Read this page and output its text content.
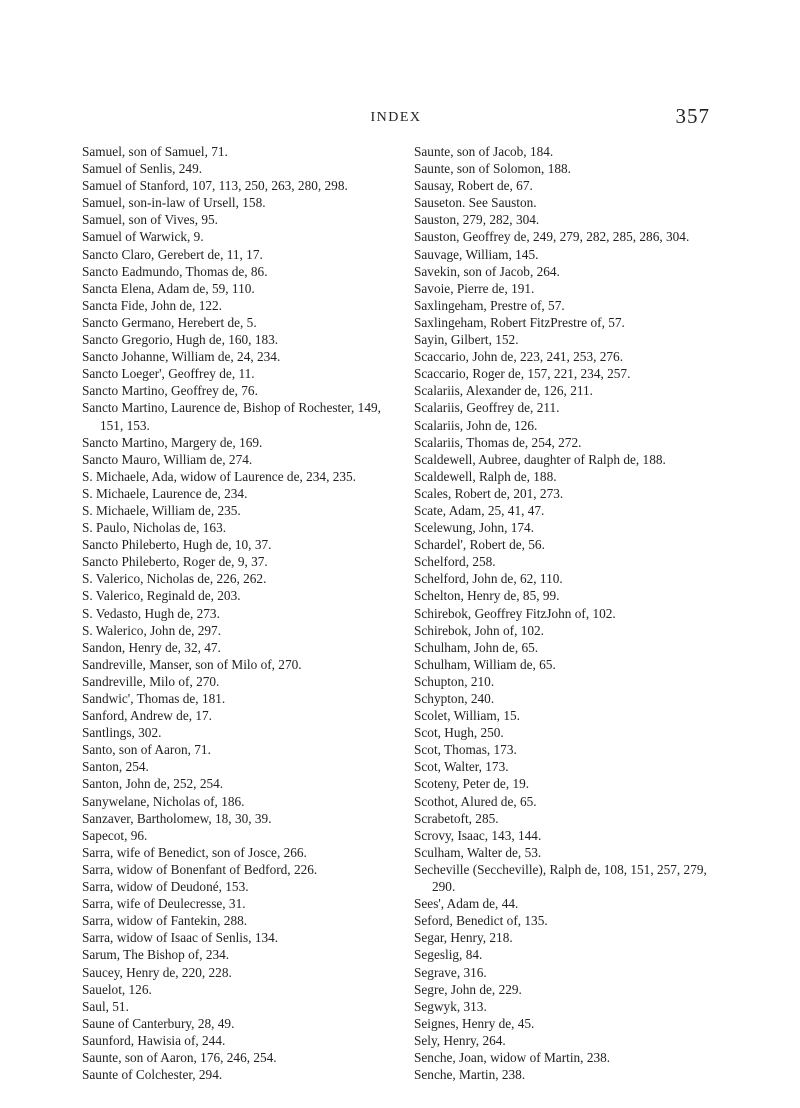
INDEX	357
Samuel, son of Samuel, 71.
Samuel of Senlis, 249.
Samuel of Stanford, 107, 113, 250, 263, 280, 298.
Samuel, son-in-law of Ursell, 158.
Samuel, son of Vives, 95.
Samuel of Warwick, 9.
Sancto Claro, Gerebert de, 11, 17.
Sancto Eadmundo, Thomas de, 86.
Sancta Elena, Adam de, 59, 110.
Sancta Fide, John de, 122.
Sancto Germano, Herebert de, 5.
Sancto Gregorio, Hugh de, 160, 183.
Sancto Johanne, William de, 24, 234.
Sancto Loeger', Geoffrey de, 11.
Sancto Martino, Geoffrey de, 76.
Sancto Martino, Laurence de, Bishop of Rochester, 149, 151, 153.
Sancto Martino, Margery de, 169.
Sancto Mauro, William de, 274.
S. Michaele, Ada, widow of Laurence de, 234, 235.
S. Michaele, Laurence de, 234.
S. Michaele, William de, 235.
S. Paulo, Nicholas de, 163.
Sancto Phileberto, Hugh de, 10, 37.
Sancto Phileberto, Roger de, 9, 37.
S. Valerico, Nicholas de, 226, 262.
S. Valerico, Reginald de, 203.
S. Vedasto, Hugh de, 273.
S. Walerico, John de, 297.
Sandon, Henry de, 32, 47.
Sandreville, Manser, son of Milo of, 270.
Sandreville, Milo of, 270.
Sandwic', Thomas de, 181.
Sanford, Andrew de, 17.
Santlings, 302.
Santo, son of Aaron, 71.
Santon, 254.
Santon, John de, 252, 254.
Sanywelane, Nicholas of, 186.
Sanzaver, Bartholomew, 18, 30, 39.
Sapecot, 96.
Sarra, wife of Benedict, son of Josce, 266.
Sarra, widow of Bonenfant of Bedford, 226.
Sarra, widow of Deudoné, 153.
Sarra, wife of Deulecresse, 31.
Sarra, widow of Fantekin, 288.
Sarra, widow of Isaac of Senlis, 134.
Sarum, The Bishop of, 234.
Saucey, Henry de, 220, 228.
Sauelot, 126.
Saul, 51.
Saune of Canterbury, 28, 49.
Saunford, Hawisia of, 244.
Saunte, son of Aaron, 176, 246, 254.
Saunte of Colchester, 294.
Saunte, son of Jacob, 184.
Saunte, son of Solomon, 188.
Sausay, Robert de, 67.
Sauseton. See Sauston.
Sauston, 279, 282, 304.
Sauston, Geoffrey de, 249, 279, 282, 285, 286, 304.
Sauvage, William, 145.
Savekin, son of Jacob, 264.
Savoie, Pierre de, 191.
Saxlingeham, Prestre of, 57.
Saxlingeham, Robert FitzPrestre of, 57.
Sayin, Gilbert, 152.
Scaccario, John de, 223, 241, 253, 276.
Scaccario, Roger de, 157, 221, 234, 257.
Scalariis, Alexander de, 126, 211.
Scalariis, Geoffrey de, 211.
Scalariis, John de, 126.
Scalariis, Thomas de, 254, 272.
Scaldewell, Aubree, daughter of Ralph de, 188.
Scaldewell, Ralph de, 188.
Scales, Robert de, 201, 273.
Scate, Adam, 25, 41, 47.
Scelewung, John, 174.
Schardel', Robert de, 56.
Schelford, 258.
Schelford, John de, 62, 110.
Schelton, Henry de, 85, 99.
Schirebok, Geoffrey FitzJohn of, 102.
Schirebok, John of, 102.
Schulham, John de, 65.
Schulham, William de, 65.
Schupton, 210.
Schypton, 240.
Scolet, William, 15.
Scot, Hugh, 250.
Scot, Thomas, 173.
Scot, Walter, 173.
Scoteny, Peter de, 19.
Scothot, Alured de, 65.
Scrabetoft, 285.
Scrovy, Isaac, 143, 144.
Sculham, Walter de, 53.
Secheville (Seccheville), Ralph de, 108, 151, 257, 279, 290.
Sees', Adam de, 44.
Seford, Benedict of, 135.
Segar, Henry, 218.
Segeslig, 84.
Segrave, 316.
Segre, John de, 229.
Segwyk, 313.
Seignes, Henry de, 45.
Sely, Henry, 264.
Senche, Joan, widow of Martin, 238.
Senche, Martin, 238.
